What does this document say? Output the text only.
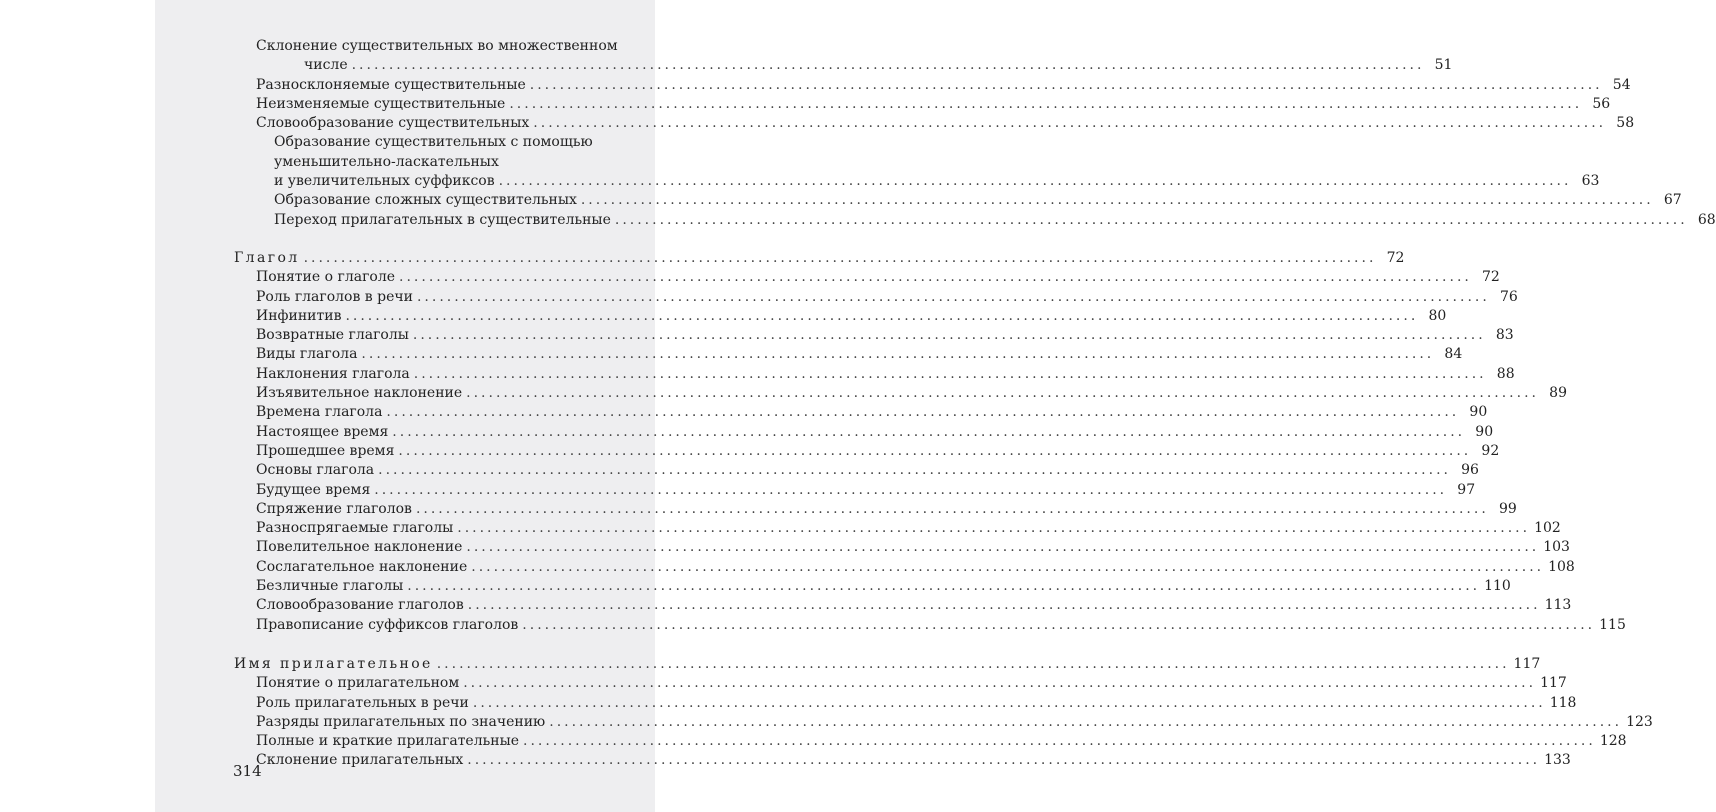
Склонение существительных во множественном
числе ................................................................................................................................................ 51
Разносклоняемые существительные ................................................................................................................................................ 54
Неизменяемые существительные ................................................................................................................................................ 56
Словообразование существительных ................................................................................................................................................ 58
Образование существительных с помощью
уменьшительно-ласкательных
и увеличительных суффиксов ................................................................................................................................................ 63
Образование сложных существительных ................................................................................................................................................ 67
Переход прилагательных в существительные ................................................................................................................................................ 68
Глагол ................................................................................................................................................ 72
Понятие о глаголе ................................................................................................................................................ 72
Роль глаголов в речи ................................................................................................................................................ 76
Инфинитив ................................................................................................................................................ 80
Возвратные глаголы ................................................................................................................................................ 83
Виды глагола ................................................................................................................................................ 84
Наклонения глагола ................................................................................................................................................ 88
Изъявительное наклонение ................................................................................................................................................ 89
Времена глагола ................................................................................................................................................ 90
Настоящее время ................................................................................................................................................ 90
Прошедшее время ................................................................................................................................................ 92
Основы глагола ................................................................................................................................................ 96
Будущее время ................................................................................................................................................ 97
Спряжение глаголов ................................................................................................................................................ 99
Разноспрягаемые глаголы ................................................................................................................................................ 102
Повелительное наклонение ................................................................................................................................................ 103
Сослагательное наклонение ................................................................................................................................................ 108
Безличные глаголы ................................................................................................................................................ 110
Словообразование глаголов ................................................................................................................................................ 113
Правописание суффиксов глаголов ................................................................................................................................................ 115
Имя прилагательное ................................................................................................................................................ 117
Понятие о прилагательном ................................................................................................................................................ 117
Роль прилагательных в речи ................................................................................................................................................ 118
Разряды прилагательных по значению ................................................................................................................................................ 123
Полные и краткие прилагательные ................................................................................................................................................ 128
Склонение прилагательных ................................................................................................................................................ 133
314
